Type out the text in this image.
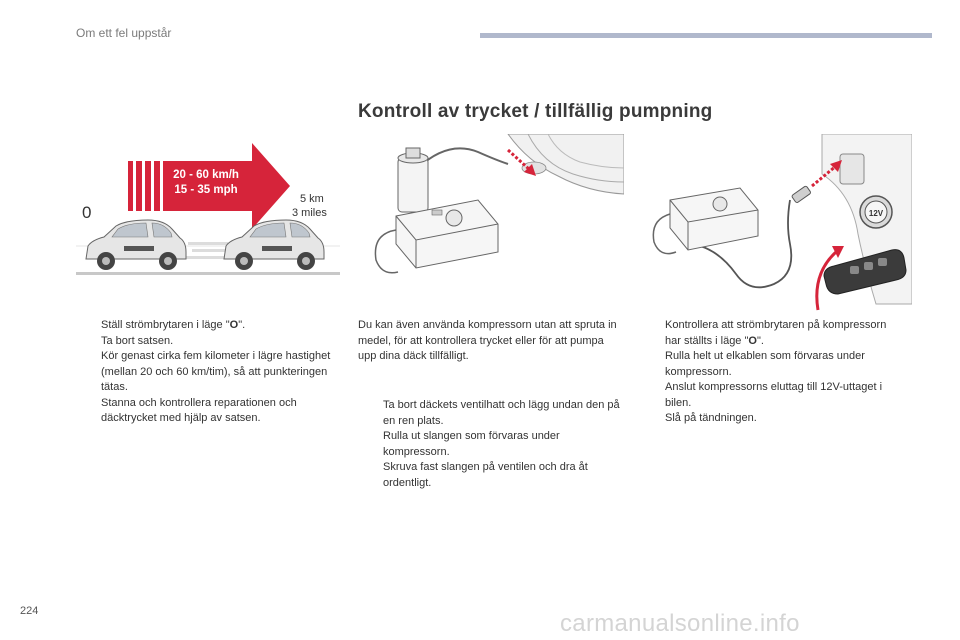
Om ett fel uppstår
Kontroll av trycket / tillfällig pumpning
20 - 60 km/h
15 - 35 mph
0
5 km
3 miles	12V
Ställ strömbrytaren i läge "O".
Ta bort satsen.
Kör genast cirka fem kilometer i lägre hastighet (mellan 20 och 60 km/tim), så att punkteringen tätas.
Stanna och kontrollera reparationen och däcktrycket med hjälp av satsen.
Du kan även använda kompressorn utan att spruta in medel, för att kontrollera trycket eller för att pumpa upp dina däck tillfälligt.
Ta bort däckets ventilhatt och lägg undan den på en ren plats.
Rulla ut slangen som förvaras under kompressorn.
Skruva fast slangen på ventilen och dra åt ordentligt.
Kontrollera att strömbrytaren på kompressorn har ställts i läge "O".
Rulla helt ut elkablen som förvaras under kompressorn.
Anslut kompressorns eluttag till 12V-uttaget i bilen.
Slå på tändningen.
224	carmanualsonline.info
